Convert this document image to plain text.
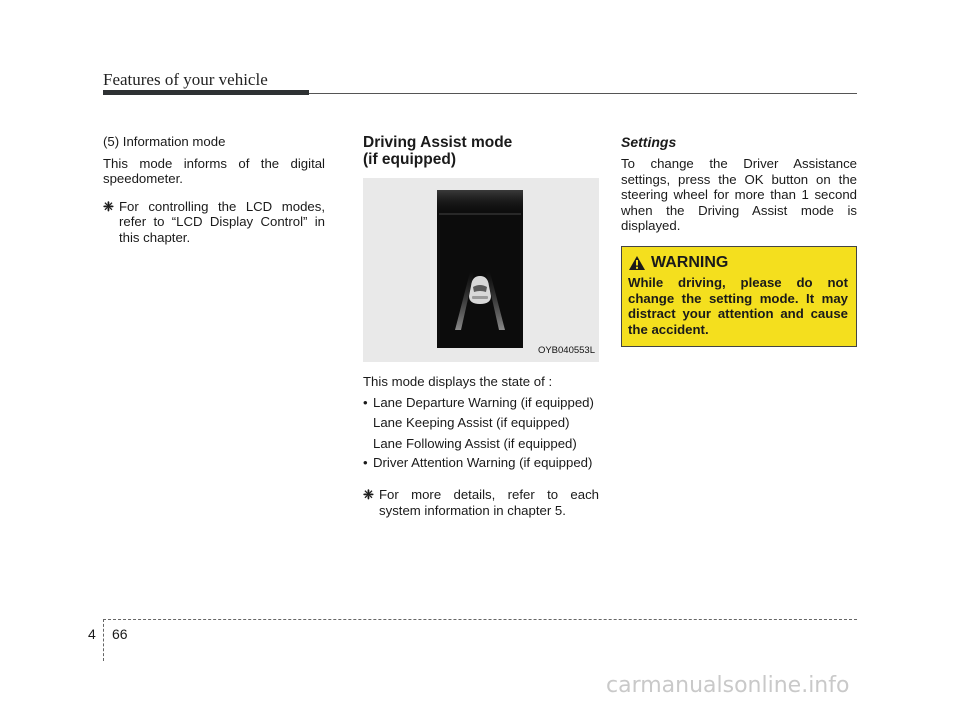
Features of your vehicle

(5) Information mode

This mode informs of the digital speedometer.

❈ For controlling the LCD modes, refer to “LCD Display Control” in this chapter.
Driving Assist mode
(if equipped)
OYB040553L

This mode displays the state of :

• Lane Departure Warning (if equipped)

Lane Keeping Assist (if equipped)

Lane Following Assist (if equipped)

• Driver Attention Warning (if equipped)
❈ For more details, refer to each system information in chapter 5.
Settings

To change the Driver Assistance settings, press the OK button on the steering wheel for more than 1 second when the Driving Assist mode is displayed.

WARNING
While driving, please do not change the setting mode. It may distract your attention and cause the accident.
4 66
carmanualsonline.info
